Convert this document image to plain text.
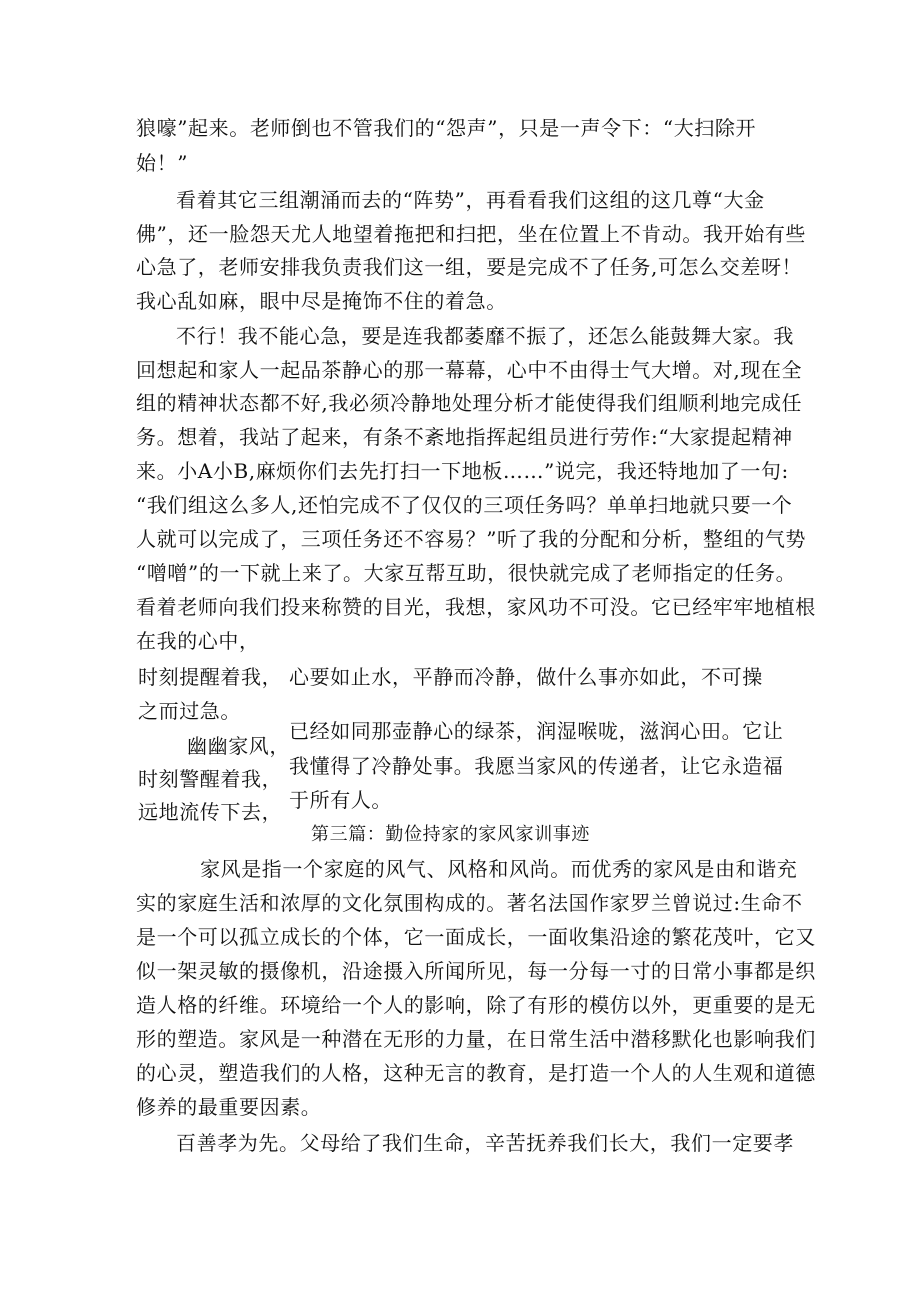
狼嚎”起来。老师倒也不管我们的“怨声”，只是一声令下：“大扫除开
始！”
看着其它三组潮涌而去的“阵势”，再看看我们这组的这几尊“大金
佛”，还一脸怨天尤人地望着拖把和扫把，坐在位置上不肯动。我开始有些
心急了，老师安排我负责我们这一组，要是完成不了任务,可怎么交差呀！
我心乱如麻，眼中尽是掩饰不住的着急。
不行！我不能心急，要是连我都萎靡不振了，还怎么能鼓舞大家。我
回想起和家人一起品茶静心的那一幕幕，心中不由得士气大增。对,现在全
组的精神状态都不好,我必须冷静地处理分析才能使得我们组顺利地完成任
务。想着，我站了起来，有条不紊地指挥起组员进行劳作:“大家提起精神
来。小A小B,麻烦你们去先打扫一下地板……”说完，我还特地加了一句:
“我们组这么多人,还怕完成不了仅仅的三项任务吗？单单扫地就只要一个
人就可以完成了，三项任务还不容易？”听了我的分配和分析，整组的气势
“噌噌”的一下就上来了。大家互帮互助，很快就完成了老师指定的任务。
看着老师向我们投来称赞的目光，我想，家风功不可没。它已经牢牢地植根
在我的心中，
时刻提醒着我， 心要如止水，平静而冷静，做什么事亦如此，不可操
之而过急。
幽幽家风，
已经如同那壶静心的绿茶，润湿喉咙，滋润心田。它让
时刻警醒着我，
我懂得了冷静处事。我愿当家风的传递者，让它永造福
远地流传下去， 于所有人。
第三篇：勤俭持家的家风家训事迹
家风是指一个家庭的风气、风格和风尚。而优秀的家风是由和谐充
实的家庭生活和浓厚的文化氛围构成的。著名法国作家罗兰曾说过:生命不
是一个可以孤立成长的个体，它一面成长，一面收集沿途的繁花茂叶，它又
似一架灵敏的摄像机，沿途摄入所闻所见，每一分每一寸的日常小事都是织
造人格的纤维。环境给一个人的影响，除了有形的模仿以外，更重要的是无
形的塑造。家风是一种潜在无形的力量，在日常生活中潜移默化也影响我们
的心灵，塑造我们的人格，这种无言的教育，是打造一个人的人生观和道德
修养的最重要因素。
百善孝为先。父母给了我们生命，辛苦抚养我们长大，我们一定要孝
